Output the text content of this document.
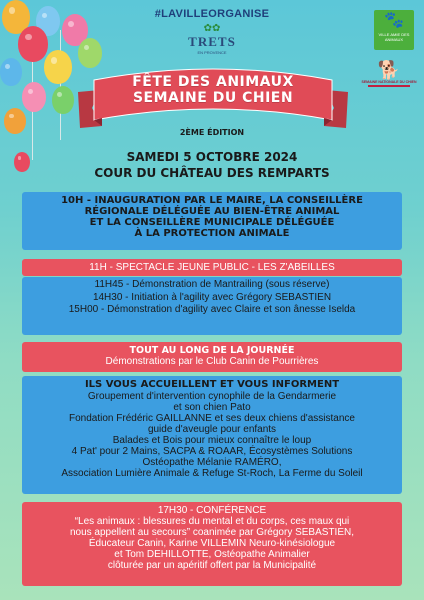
#LAVILLEORGANISE
✿✿
TRETS
EN PROVENCE
🐾
VILLE AMIE DES ANIMAUX
🐕
SEMAINE NATIONALE DU CHIEN

FÊTE DES ANIMAUX

SEMAINE DU CHIEN

2ÈME ÉDITION
SAMEDI 5 OCTOBRE 2024
COUR DU CHÂTEAU DES REMPARTS

10H - INAUGURATION PAR LE MAIRE, LA CONSEILLÈRE

RÉGIONALE DÉLÉGUÉE AU BIEN-ÊTRE ANIMAL

ET LA CONSEILLÈRE MUNICIPALE DÉLÉGUÉE

À LA PROTECTION ANIMALE

11H - SPECTACLE JEUNE PUBLIC - LES Z'ABEILLES

11H45 - Démonstration de Mantrailing (sous réserve)

14H30 - Initiation à l'agility avec Grégory SEBASTIEN

15H00 - Démonstration d'agility avec Claire et son ânesse Iselda

TOUT AU LONG DE LA JOURNÉE

Démonstrations par le Club Canin de Pourrières

ILS VOUS ACCUEILLENT ET VOUS INFORMENT

Groupement d'intervention cynophile de la Gendarmerie

et son chien Pato

Fondation Frédéric GAILLANNE et ses deux chiens d'assistance

guide d'aveugle pour enfants

Balades et Bois pour mieux connaître le loup

4 Pat' pour 2 Mains, SACPA & ROAAR, Écosystèmes Solutions

Ostéopathe Mélanie RAMÉRO,

Association Lumière Animale & Refuge St-Roch, La Ferme du Soleil

17H30 - CONFÉRENCE

“Les animaux : blessures du mental et du corps, ces maux qui

nous appellent au secours” coanimée par Grégory SEBASTIEN,

Éducateur Canin, Karine VILLEMIN Neuro-kinésiologue

et Tom DEHILLOTTE, Ostéopathe Animalier

clôturée par un apéritif offert par la Municipalité
